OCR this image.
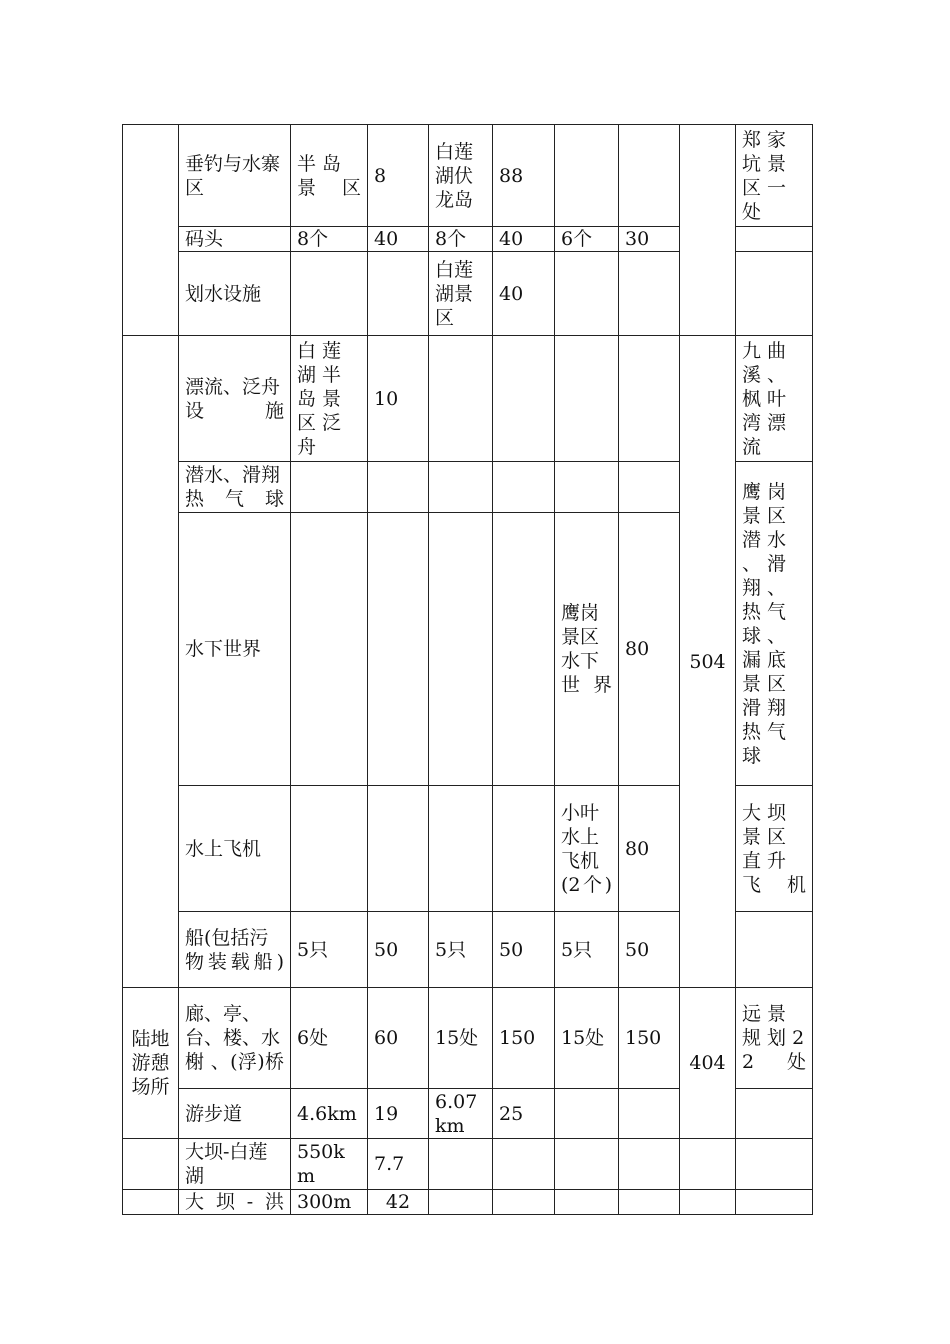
	垂钓与水寨区	半 岛 景区	8	白莲湖伏龙岛	88				郑 家 坑 景 区 一 处
	码头	8个	40	8个	40	6个	30		
	划水设施			白莲湖景区	40				
	漂流、泛舟设施	白 莲 湖 半 岛 景 区 泛 舟	10					504	九 曲 溪 、 枫 叶 湾 漂 流
	潜水、滑翔热气球								鹰 岗 景 区 潜 水 、 滑 翔 、 热 气 球 、 漏 底 景 区 滑 翔 热 气 球
	水下世界					鹰岗景区水下世界	80		
	水上飞机					小叶水上飞机(2个)	80		大 坝 景 区 直 升 飞机
	船(包括污物装载船)	5只	50	5只	50	5只	50		
陆地游憩场所	廊、亭、台、楼、水 榭 、(浮)桥	6处	60	15处	150	15处	150	404	远 景 规 划 22处
	游步道	4.6km	19	6.07km	25				
	大坝-白莲湖	550km	7.7						
	大坝-洪	300m	42						
